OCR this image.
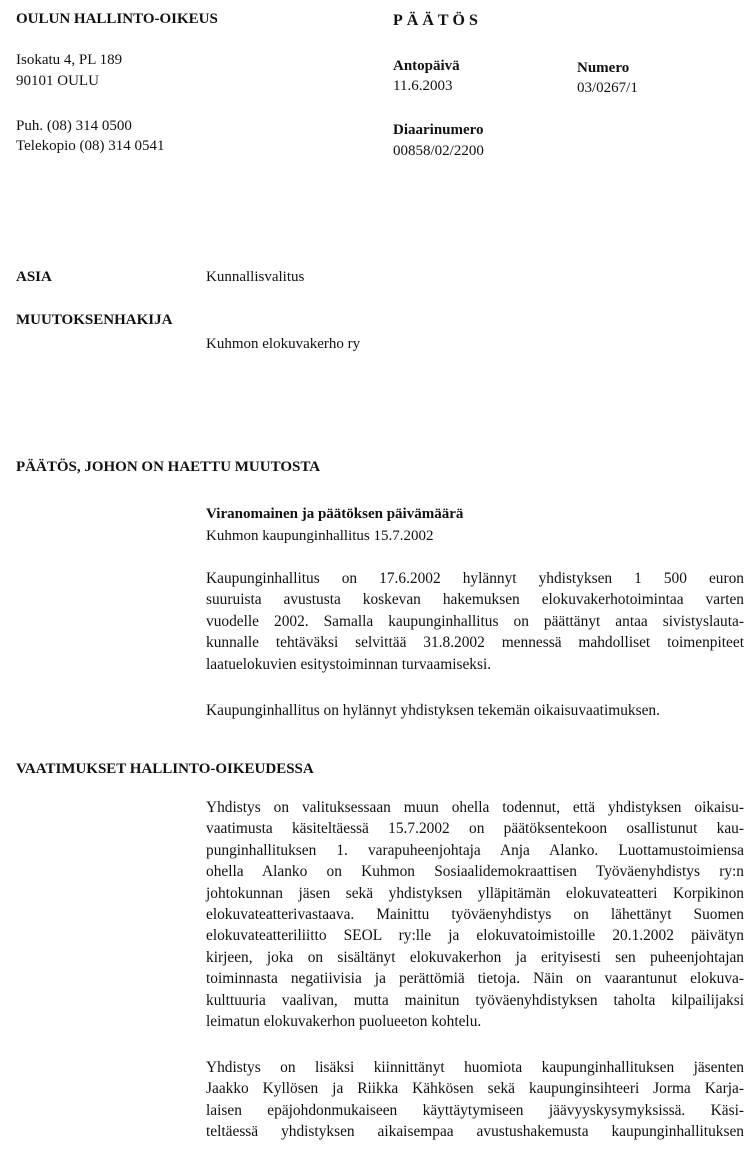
OULUN HALLINTO-OIKEUS
Isokatu 4, PL 189
90101 OULU
Puh. (08) 314 0500
Telekopio (08) 314 0541
PÄÄTÖS
Antopäivä
11.6.2003
Numero
03/0267/1
Diaarinumero
00858/02/2200
ASIA	Kunnallisvalitus
MUUTOKSENHAKIJA
Kuhmon elokuvakerho ry
PÄÄTÖS, JOHON ON HAETTU MUUTOSTA
Viranomainen ja päätöksen päivämäärä
Kuhmon kaupunginhallitus 15.7.2002
Kaupunginhallitus on 17.6.2002 hylännyt yhdistyksen 1 500 euron
suuruista avustusta koskevan hakemuksen elokuvakerhotoimintaa varten
vuodelle 2002. Samalla kaupunginhallitus on päättänyt antaa sivistyslauta-
kunnalle tehtäväksi selvittää 31.8.2002 mennessä mahdolliset toimenpiteet
laatuelokuvien esitystoiminnan turvaamiseksi.
Kaupunginhallitus on hylännyt yhdistyksen tekemän oikaisuvaatimuksen.
VAATIMUKSET HALLINTO-OIKEUDESSA
Yhdistys on valituksessaan muun ohella todennut, että yhdistyksen oikaisu-
vaatimusta käsiteltäessä 15.7.2002 on päätöksentekoon osallistunut kau-
punginhallituksen 1. varapuheenjohtaja Anja Alanko. Luottamustoimiensa
ohella Alanko on Kuhmon Sosiaalidemokraattisen Työväenyhdistys ry:n
johtokunnan jäsen sekä yhdistyksen ylläpitämän elokuvateatteri Korpikinon
elokuvateatterivastaava. Mainittu työväenyhdistys on lähettänyt Suomen
elokuvateatteriliitto SEOL ry:lle ja elokuvatoimistoille 20.1.2002 päivätyn
kirjeen, joka on sisältänyt elokuvakerhon ja erityisesti sen puheenjohtajan
toiminnasta negatiivisia ja perättömiä tietoja. Näin on vaarantunut elokuva-
kulttuuria vaalivan, mutta mainitun työväenyhdistyksen taholta kilpailijaksi
leimatun elokuvakerhon puolueeton kohtelu.
Yhdistys on lisäksi kiinnittänyt huomiota kaupunginhallituksen jäsenten
Jaakko Kyllösen ja Riikka Kähkösen sekä kaupunginsihteeri Jorma Karja-
laisen epäjohdonmukaiseen käyttäytymiseen jäävyyskysymyksissä. Käsi-
teltäessä yhdistyksen aikaisempaa avustushakemusta kaupunginhallituksen
